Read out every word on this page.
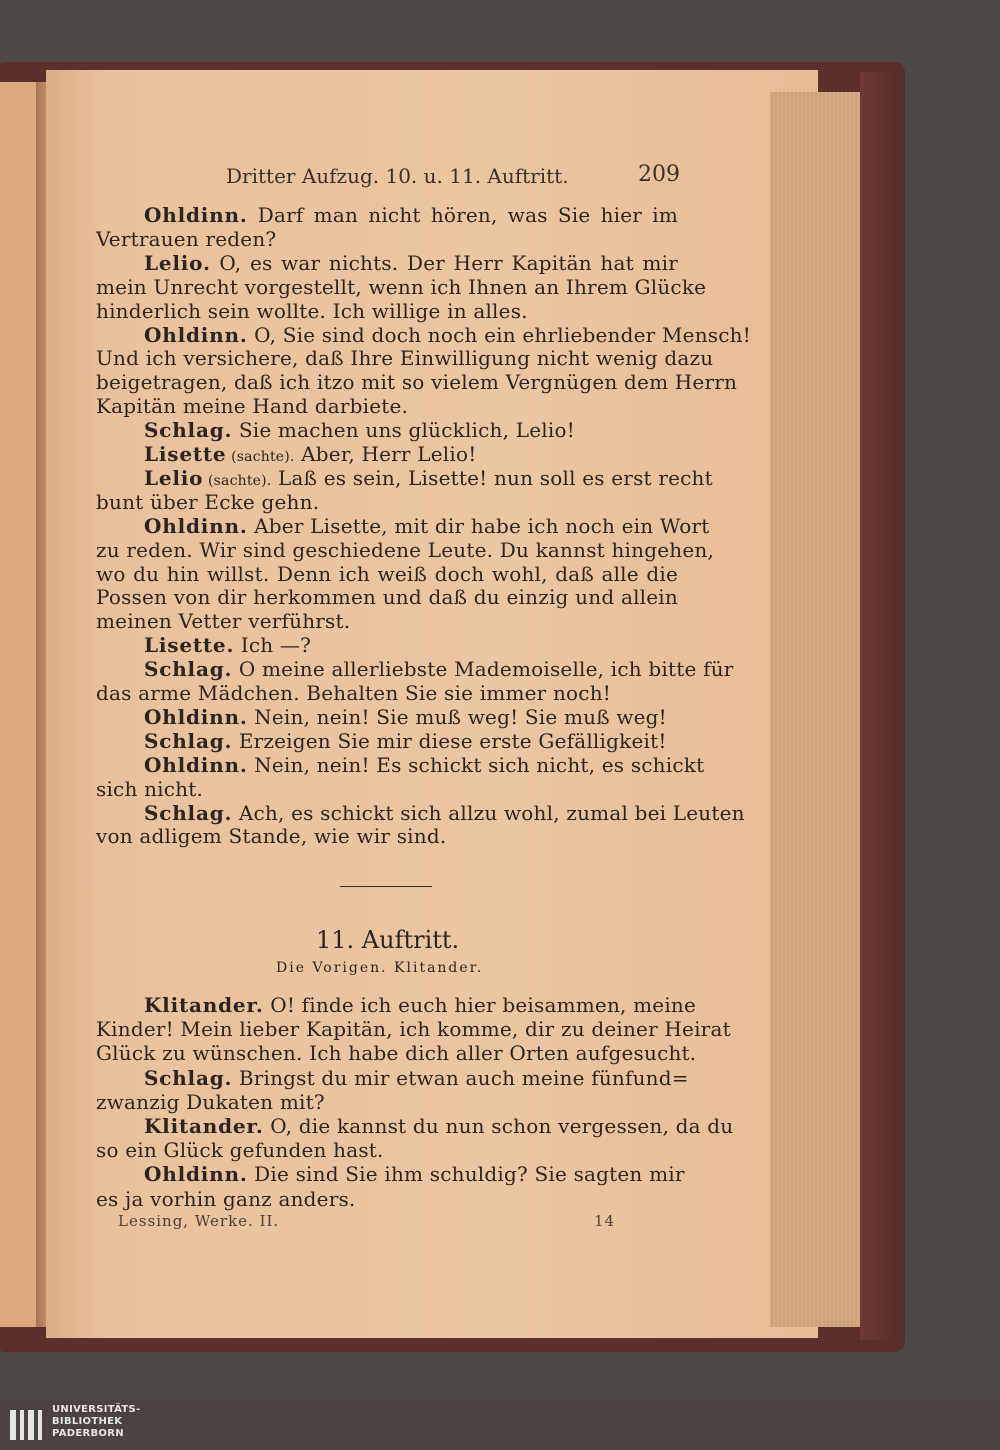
Dritter Aufzug. 10. u. 11. Auftritt.	209
Ohldinn. Darf man nicht hören, was Sie hier im
Vertrauen reden?
Lelio. O, es war nichts. Der Herr Kapitän hat mir
mein Unrecht vorgestellt, wenn ich Ihnen an Ihrem Glücke
hinderlich sein wollte. Ich willige in alles.
Ohldinn. O, Sie sind doch noch ein ehrliebender Mensch!
Und ich versichere, daß Ihre Einwilligung nicht wenig dazu
beigetragen, daß ich itzo mit so vielem Vergnügen dem Herrn
Kapitän meine Hand darbiete.
Schlag. Sie machen uns glücklich, Lelio!
Lisette (sachte). Aber, Herr Lelio!
Lelio (sachte). Laß es sein, Lisette! nun soll es erst recht
bunt über Ecke gehn.
Ohldinn. Aber Lisette, mit dir habe ich noch ein Wort
zu reden. Wir sind geschiedene Leute. Du kannst hingehen,
wo du hin willst. Denn ich weiß doch wohl, daß alle die
Possen von dir herkommen und daß du einzig und allein
meinen Vetter verführst.
Lisette. Ich —?
Schlag. O meine allerliebste Mademoiselle, ich bitte für
das arme Mädchen. Behalten Sie sie immer noch!
Ohldinn. Nein, nein! Sie muß weg! Sie muß weg!
Schlag. Erzeigen Sie mir diese erste Gefälligkeit!
Ohldinn. Nein, nein! Es schickt sich nicht, es schickt
sich nicht.
Schlag. Ach, es schickt sich allzu wohl, zumal bei Leuten
von adligem Stande, wie wir sind.
11. Auftritt.
Die Vorigen. Klitander.
Klitander. O! finde ich euch hier beisammen, meine
Kinder! Mein lieber Kapitän, ich komme, dir zu deiner Heirat
Glück zu wünschen. Ich habe dich aller Orten aufgesucht.
Schlag. Bringst du mir etwan auch meine fünfund=
zwanzig Dukaten mit?
Klitander. O, die kannst du nun schon vergessen, da du
so ein Glück gefunden hast.
Ohldinn. Die sind Sie ihm schuldig? Sie sagten mir
es ja vorhin ganz anders.
Lessing, Werke. II.	14
UNIVERSITÄTS-
BIBLIOTHEK
PADERBORN
